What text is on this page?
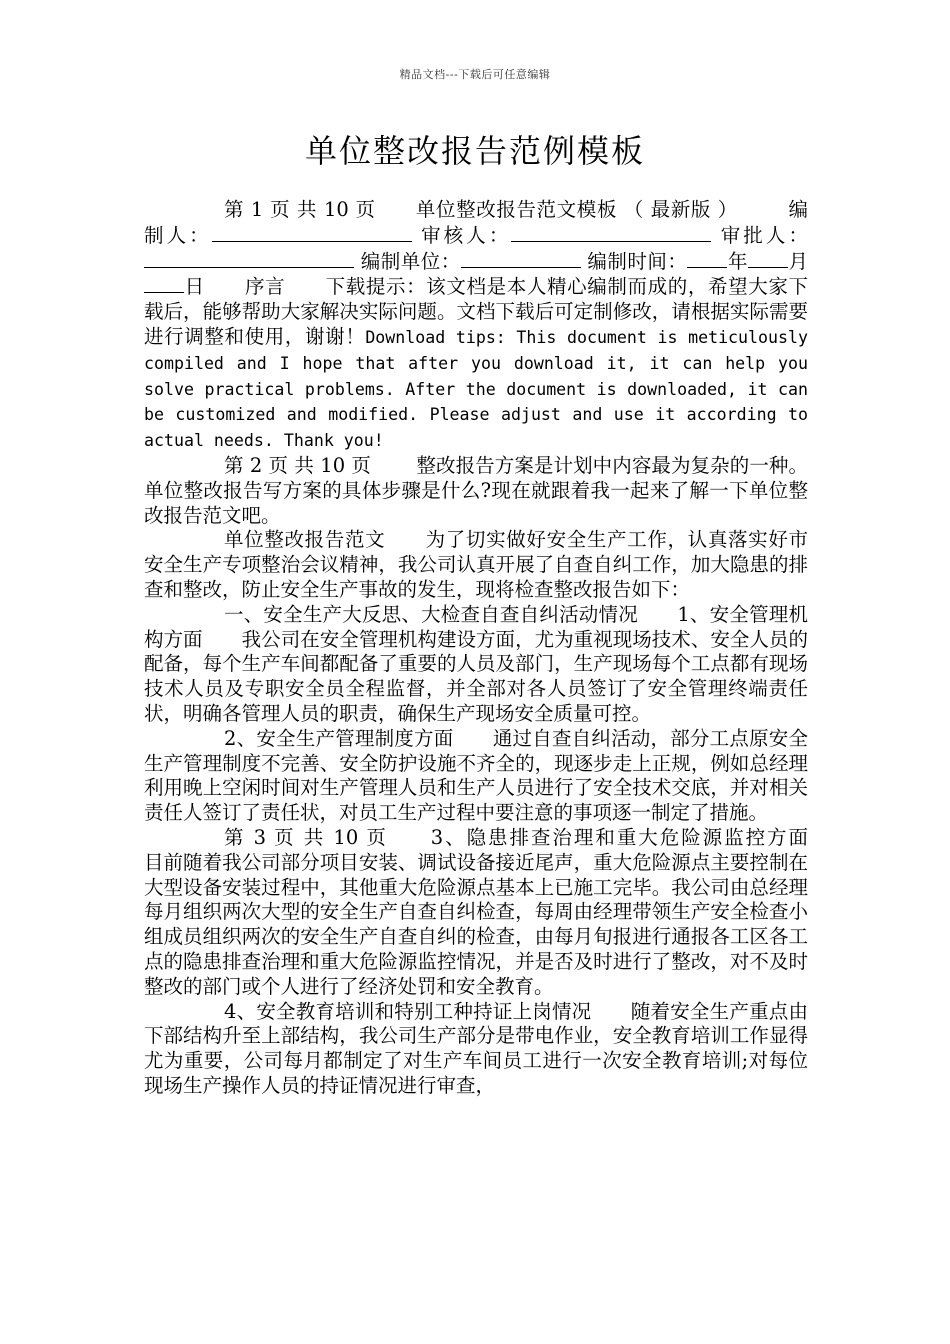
精品文档---下载后可任意编辑
单位整改报告范例模板

第 1 页 共 10 页　　 单位整改报告范文模板 （ 最新版 ）　　　	编制人：	审核人：	审批人： 编制单位：	编制时间： 年 月日　　 序言　　 下载提示：该文档是本人精心编制而成的，希望大家下载后，能够帮助大家解决实际问题。文档下载后可定制修改，请根据实际需要进行调整和使用，谢谢！Download tips: This document is meticulously compiled and I hope that after you download it, it can help you solve practical problems. After the document is downloaded, it can be customized and modified. Please adjust and use it according to actual needs. Thank you!

第 2 页 共 10 页 　　整改报告方案是计划中内容最为复杂的一种。单位整改报告写方案的具体步骤是什么?现在就跟着我一起来了解一下单位整改报告范文吧。

单位整改报告范文　　为了切实做好安全生产工作，认真落实好市安全生产专项整治会议精神，我公司认真开展了自查自纠工作，加大隐患的排查和整改，防止安全生产事故的发生，现将检查整改报告如下：

一、安全生产大反思、大检查自查自纠活动情况　　1、安全管理机构方面　　我公司在安全管理机构建设方面，尤为重视现场技术、安全人员的配备，每个生产车间都配备了重要的人员及部门，生产现场每个工点都有现场技术人员及专职安全员全程监督，并全部对各人员签订了安全管理终端责任状，明确各管理人员的职责，确保生产现场安全质量可控。

2、安全生产管理制度方面　　通过自查自纠活动，部分工点原安全生产管理制度不完善、安全防护设施不齐全的，现逐步走上正规，例如总经理利用晚上空闲时间对生产管理人员和生产人员进行了安全技术交底，并对相关责任人签订了责任状，对员工生产过程中要注意的事项逐一制定了措施。

第 3 页 共 10 页　　3、隐患排查治理和重大危险源监控方面　　目前随着我公司部分项目安装、调试设备接近尾声，重大危险源点主要控制在大型设备安装过程中，其他重大危险源点基本上已施工完毕。我公司由总经理每月组织两次大型的安全生产自查自纠检查，每周由经理带领生产安全检查小组成员组织两次的安全生产自查自纠的检查，由每月旬报进行通报各工区各工点的隐患排查治理和重大危险源监控情况，并是否及时进行了整改，对不及时整改的部门或个人进行了经济处罚和安全教育。

4、安全教育培训和特别工种持证上岗情况　　随着安全生产重点由下部结构升至上部结构，我公司生产部分是带电作业，安全教育培训工作显得尤为重要，公司每月都制定了对生产车间员工进行一次安全教育培训;对每位现场生产操作人员的持证情况进行审查，
